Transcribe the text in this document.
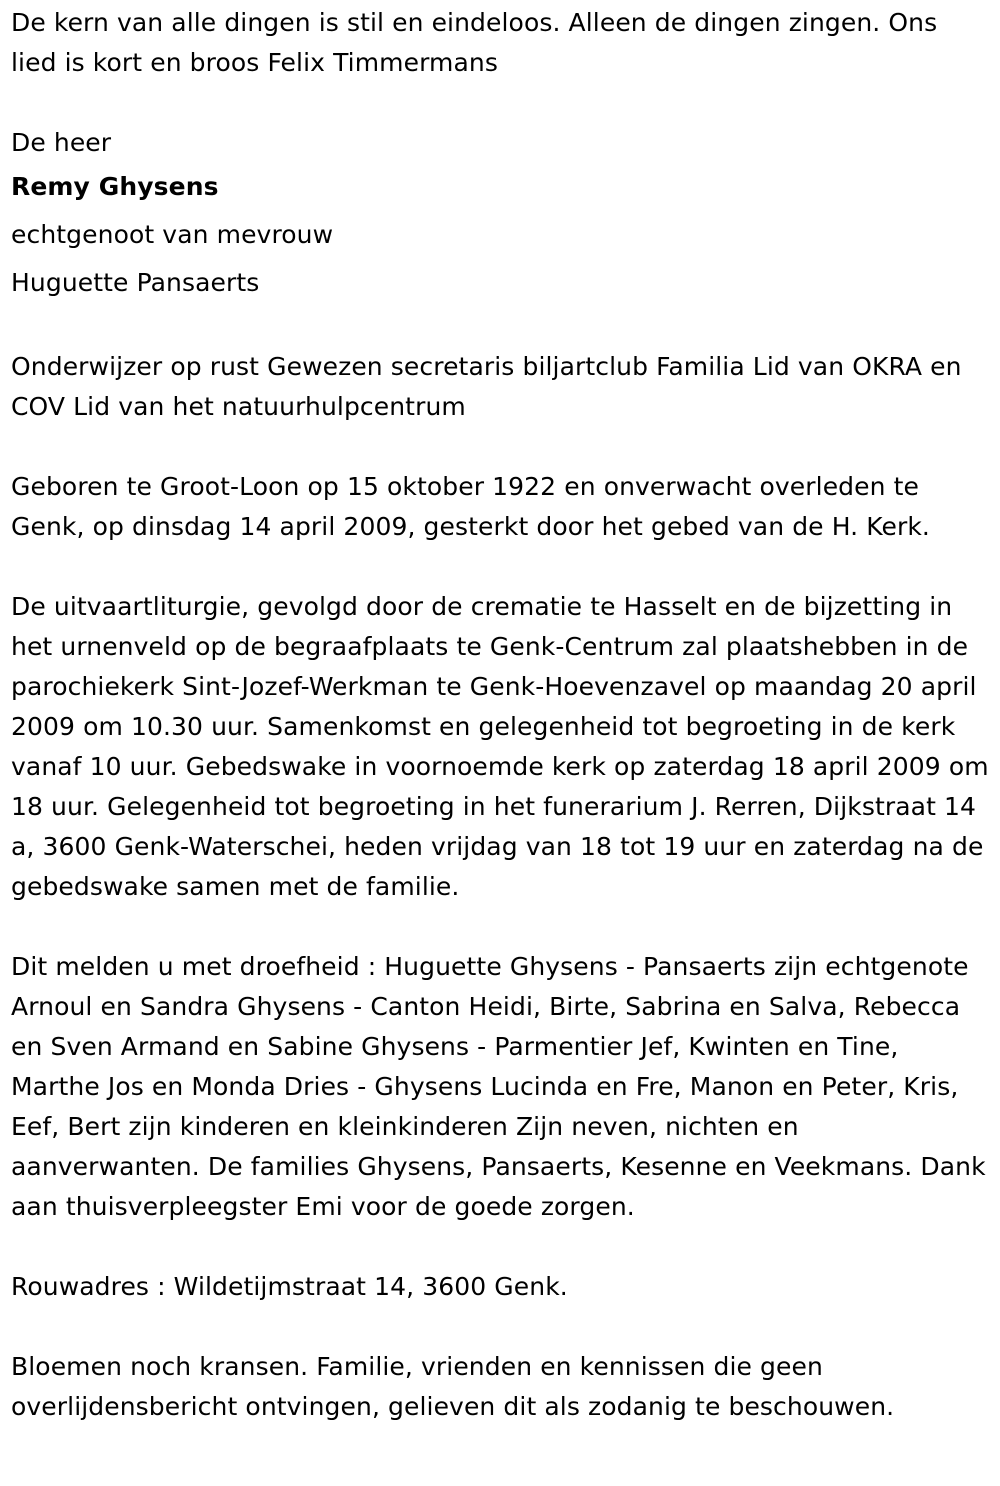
De kern van alle dingen is stil en eindeloos. Alleen de dingen zingen. Ons lied is kort en broos Felix Timmermans

De heer

Remy Ghysens

echtgenoot van mevrouw

Huguette Pansaerts

Onderwijzer op rust Gewezen secretaris biljartclub Familia Lid van OKRA en COV Lid van het natuurhulpcentrum

Geboren te Groot-Loon op 15 oktober 1922 en onverwacht overleden te Genk, op dinsdag 14 april 2009, gesterkt door het gebed van de H. Kerk.

De uitvaartliturgie, gevolgd door de crematie te Hasselt en de bijzetting in het urnenveld op de begraafplaats te Genk-Centrum zal plaatshebben in de parochiekerk Sint-Jozef-Werkman te Genk-Hoevenzavel op maandag 20 april 2009 om 10.30 uur. Samenkomst en gelegenheid tot begroeting in de kerk vanaf 10 uur. Gebedswake in voornoemde kerk op zaterdag 18 april 2009 om 18 uur. Gelegenheid tot begroeting in het funerarium J. Rerren, Dijkstraat 14 a, 3600 Genk-Waterschei, heden vrijdag van 18 tot 19 uur en zaterdag na de gebedswake samen met de familie.

Dit melden u met droefheid : Huguette Ghysens - Pansaerts zijn echtgenote Arnoul en Sandra Ghysens - Canton Heidi, Birte, Sabrina en Salva, Rebecca en Sven Armand en Sabine Ghysens - Parmentier Jef, Kwinten en Tine, Marthe Jos en Monda Dries - Ghysens Lucinda en Fre, Manon en Peter, Kris, Eef, Bert zijn kinderen en kleinkinderen Zijn neven, nichten en aanverwanten. De families Ghysens, Pansaerts, Kesenne en Veekmans. Dank aan thuisverpleegster Emi voor de goede zorgen.

Rouwadres : Wildetijmstraat 14, 3600 Genk.

Bloemen noch kransen. Familie, vrienden en kennissen die geen overlijdensbericht ontvingen, gelieven dit als zodanig te beschouwen.
